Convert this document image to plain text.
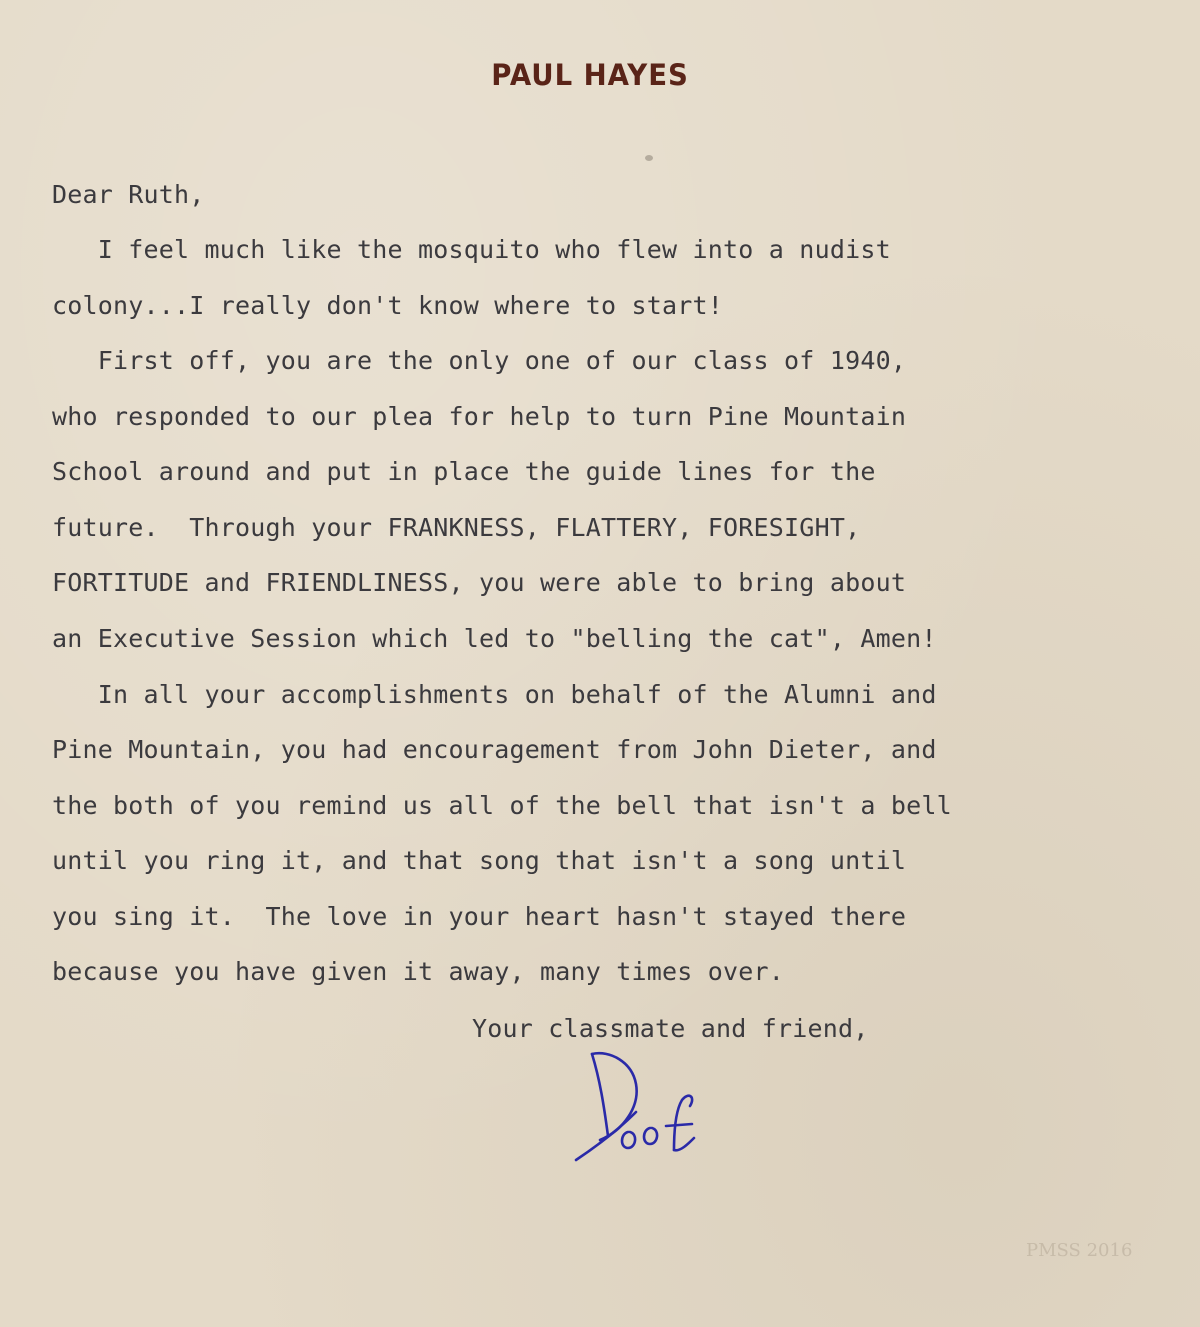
PAUL HAYES
Dear Ruth,
I feel much like the mosquito who flew into a nudist
colony...I really don't know where to start!
First off, you are the only one of our class of 1940,
who responded to our plea for help to turn Pine Mountain
School around and put in place the guide lines for the
future.  Through your FRANKNESS, FLATTERY, FORESIGHT,
FORTITUDE and FRIENDLINESS, you were able to bring about
an Executive Session which led to "belling the cat", Amen!
In all your accomplishments on behalf of the Alumni and
Pine Mountain, you had encouragement from John Dieter, and
the both of you remind us all of the bell that isn't a bell
until you ring it, and that song that isn't a song until
you sing it.  The love in your heart hasn't stayed there
because you have given it away, many times over.
Your classmate and friend,
PMSS 2016
